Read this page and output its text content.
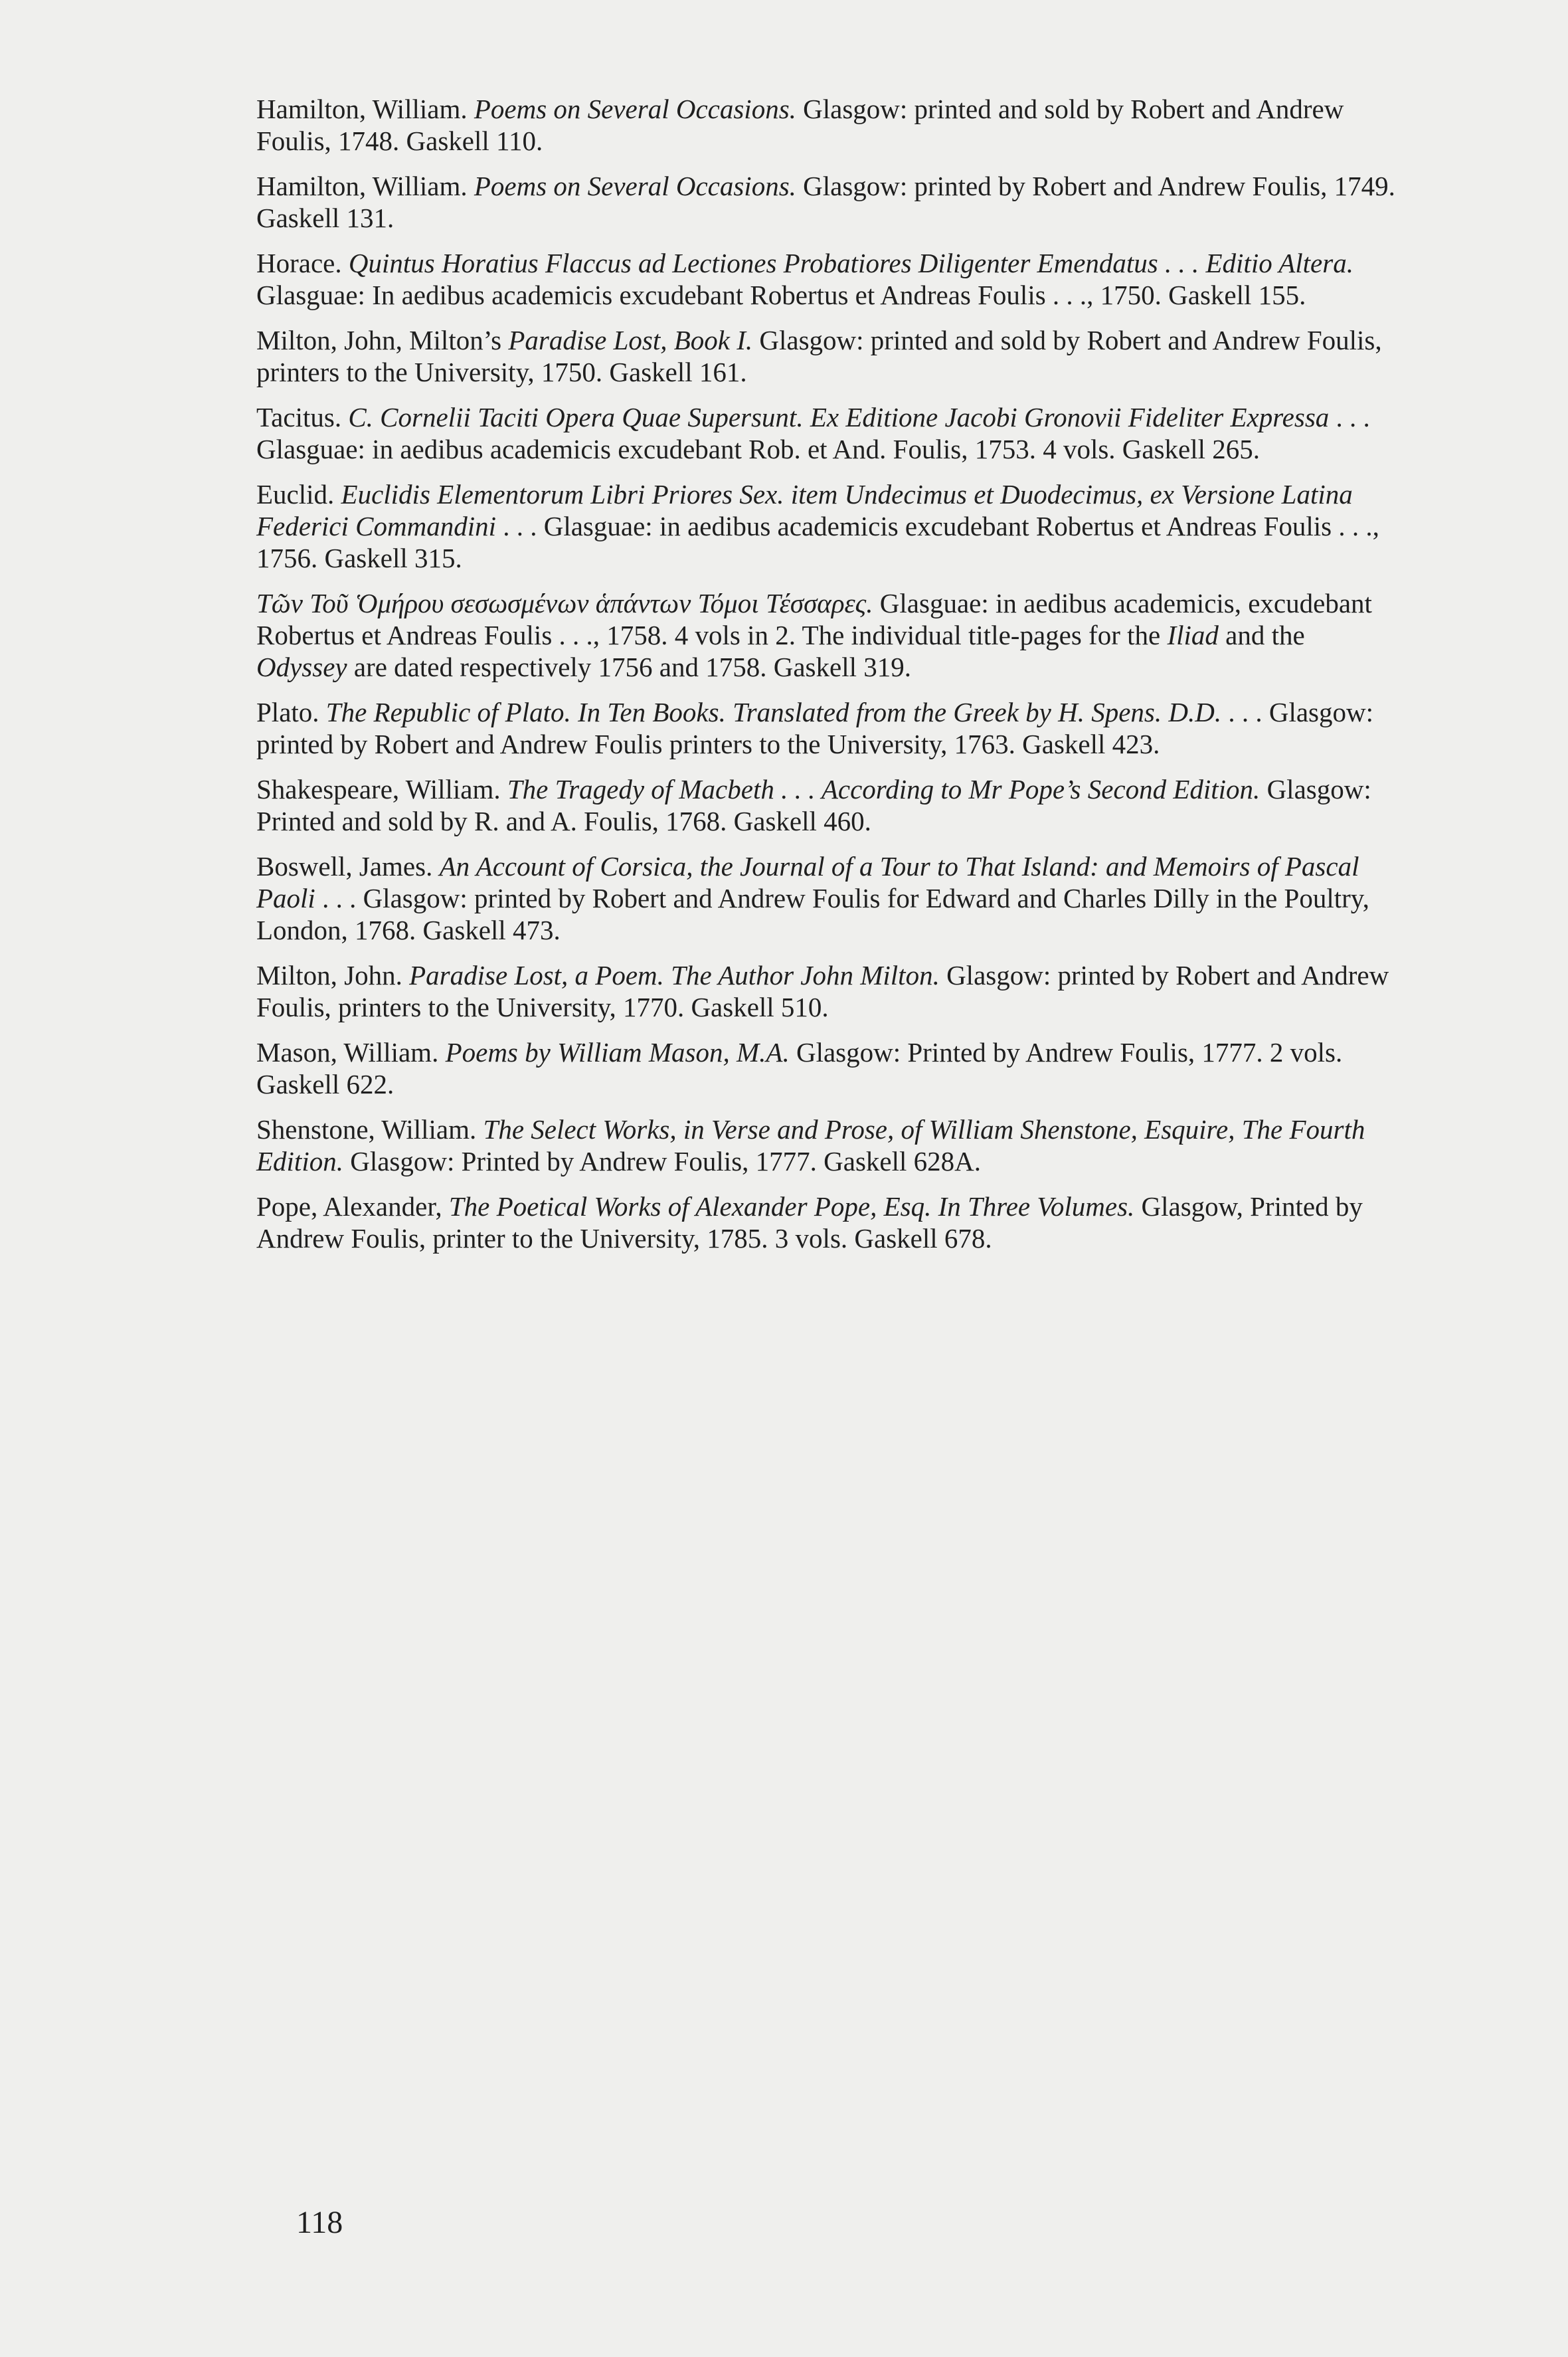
Hamilton, William. Poems on Several Occasions. Glasgow: printed and sold by Robert and Andrew Foulis, 1748. Gaskell 110.

Hamilton, William. Poems on Several Occasions. Glasgow: printed by Robert and Andrew Foulis, 1749. Gaskell 131.

Horace. Quintus Horatius Flaccus ad Lectiones Probatiores Diligenter Emendatus . . . Editio Altera. Glasguae: In aedibus academicis excudebant Robertus et Andreas Foulis . . ., 1750. Gaskell 155.

Milton, John, Milton’s Paradise Lost, Book I. Glasgow: printed and sold by Robert and Andrew Foulis, printers to the University, 1750. Gaskell 161.

Tacitus. C. Cornelii Taciti Opera Quae Supersunt. Ex Editione Jacobi Gronovii Fideliter Expressa . . . Glasguae: in aedibus academicis excudebant Rob. et And. Foulis, 1753. 4 vols. Gaskell 265.

Euclid. Euclidis Elementorum Libri Priores Sex. item Undecimus et Duodecimus, ex Versione Latina Federici Commandini . . . Glasguae: in aedibus academicis excudebant Robertus et Andreas Foulis . . ., 1756. Gaskell 315.

Τῶν Τοῦ Ὁμήρου σεσωσμένων ἁπάντων Τόμοι Τέσσαρες. Glasguae: in aedibus academicis, excudebant Robertus et Andreas Foulis . . ., 1758. 4 vols in 2. The individual title-pages for the Iliad and the Odyssey are dated respectively 1756 and 1758. Gaskell 319.

Plato. The Republic of Plato. In Ten Books. Translated from the Greek by H. Spens. D.D. . . . Glasgow: printed by Robert and Andrew Foulis printers to the University, 1763. Gaskell 423.

Shakespeare, William. The Tragedy of Macbeth . . . According to Mr Pope’s Second Edition. Glasgow: Printed and sold by R. and A. Foulis, 1768. Gaskell 460.

Boswell, James. An Account of Corsica, the Journal of a Tour to That Island: and Memoirs of Pascal Paoli . . . Glasgow: printed by Robert and Andrew Foulis for Edward and Charles Dilly in the Poultry, London, 1768. Gaskell 473.

Milton, John. Paradise Lost, a Poem. The Author John Milton. Glasgow: printed by Robert and Andrew Foulis, printers to the University, 1770. Gaskell 510.

Mason, William. Poems by William Mason, M.A. Glasgow: Printed by Andrew Foulis, 1777. 2 vols. Gaskell 622.

Shenstone, William. The Select Works, in Verse and Prose, of William Shenstone, Esquire, The Fourth Edition. Glasgow: Printed by Andrew Foulis, 1777. Gaskell 628A.

Pope, Alexander, The Poetical Works of Alexander Pope, Esq. In Three Volumes. Glasgow, Printed by Andrew Foulis, printer to the University, 1785. 3 vols. Gaskell 678.

118
